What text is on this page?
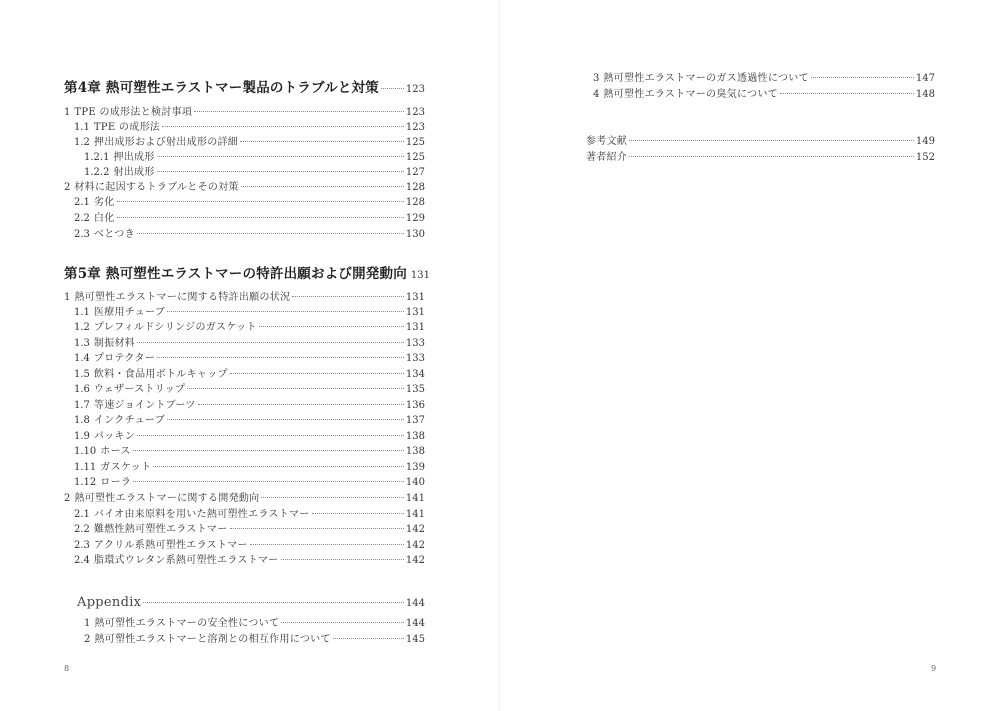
第4章 熱可塑性エラストマー製品のトラブルと対策	123
1 TPE の成形法と検討事項	123
1.1 TPE の成形法	123
1.2 押出成形および射出成形の詳細	125
1.2.1 押出成形	125
1.2.2 射出成形	127
2 材料に起因するトラブルとその対策	128
2.1 劣化	128
2.2 白化	129
2.3 べとつき	130
第5章 熱可塑性エラストマーの特許出願および開発動向 131
1 熱可塑性エラストマーに関する特許出願の状況	131
1.1 医療用チューブ	131
1.2 プレフィルドシリンジのガスケット	131
1.3 制振材料	133
1.4 プロテクター	133
1.5 飲料・食品用ボトルキャップ	134
1.6 ウェザーストリップ	135
1.7 等速ジョイントブーツ	136
1.8 インクチューブ	137
1.9 パッキン	138
1.10 ホース	138
1.11 ガスケット	139
1.12 ローラ	140
2 熱可塑性エラストマーに関する開発動向	141
2.1 バイオ由来原料を用いた熱可塑性エラストマー	141
2.2 難燃性熱可塑性エラストマー	142
2.3 アクリル系熱可塑性エラストマー	142
2.4 脂環式ウレタン系熱可塑性エラストマー	142
Appendix	144
1 熱可塑性エラストマーの安全性について	144
2 熱可塑性エラストマーと溶剤との相互作用について	145
8
3 熱可塑性エラストマーのガス透過性について	147
4 熱可塑性エラストマーの臭気について	148
参考文献	149
著者紹介	152
9
